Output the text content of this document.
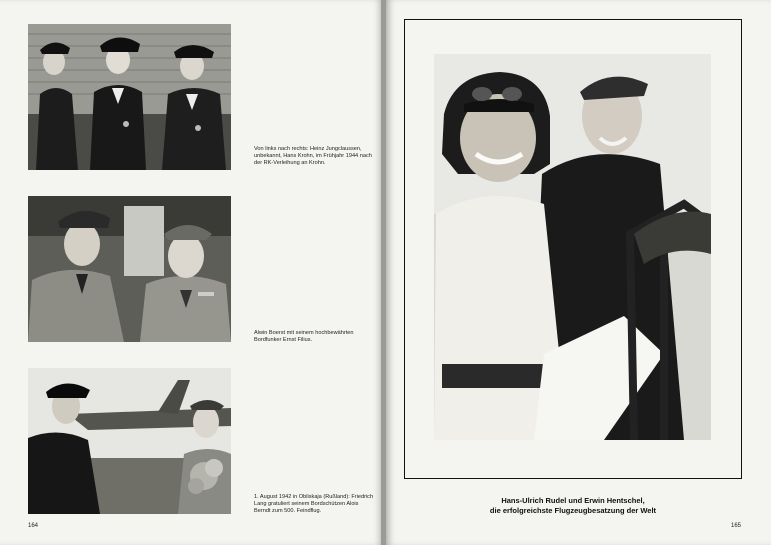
Von links nach rechts: Heinz Jungclaussen, unbekannt, Hans Krohn, im Frühjahr 1944 nach der RK-Verleihung an Krohn.
Alwin Boerst mit seinem hochbewährten Bordfunker Ernst Filius.
1. August 1942 in Obliskaja (Rußland): Friedrich Lang gratuliert seinem Bordschützen Alois Berndt zum 500. Feindflug.
164
Hans-Ulrich Rudel und Erwin Hentschel,
die erfolgreichste Flugzeugbesatzung der Welt
165
